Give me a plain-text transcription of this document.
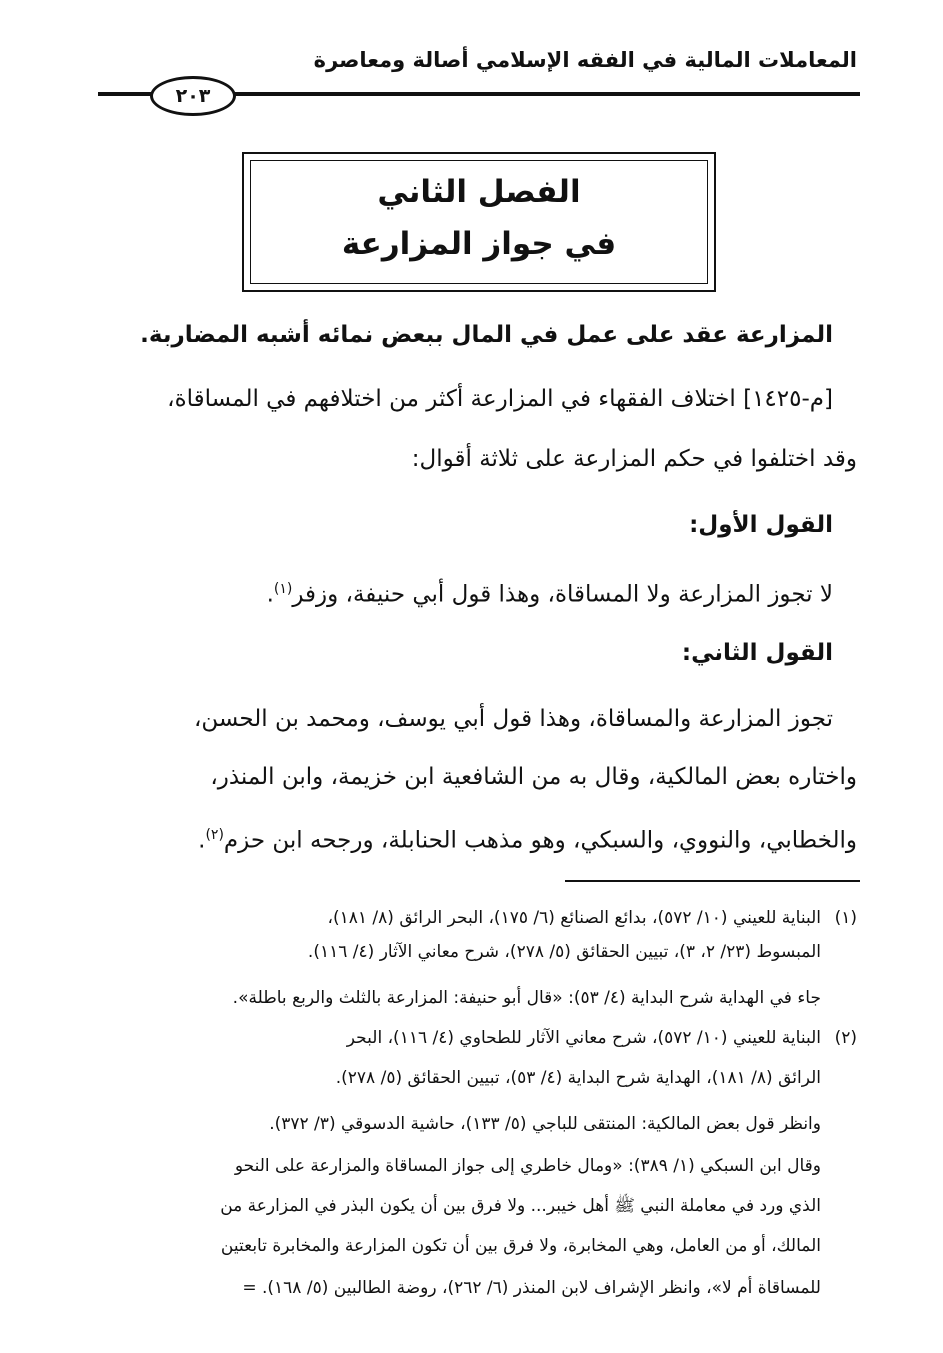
المعاملات المالية في الفقه الإسلامي أصالة ومعاصرة
٢٠٣
الفصل الثاني
في جواز المزارعة
المزارعة عقد على عمل في المال ببعض نمائه أشبه المضاربة.
[م-١٤٢٥] اختلاف الفقهاء في المزارعة أكثر من اختلافهم في المساقاة،
وقد اختلفوا في حكم المزارعة على ثلاثة أقوال:
القول الأول:
لا تجوز المزارعة ولا المساقاة، وهذا قول أبي حنيفة، وزفر$^{(١)}$.
القول الثاني:
تجوز المزارعة والمساقاة، وهذا قول أبي يوسف، ومحمد بن الحسن،
واختاره بعض المالكية، وقال به من الشافعية ابن خزيمة، وابن المنذر،
والخطابي، والنووي، والسبكي، وهو مذهب الحنابلة، ورجحه ابن حزم$^{(٢)}$.
(١)
البناية للعيني (١٠/ ٥٧٢)، بدائع الصنائع (٦/ ١٧٥)، البحر الرائق (٨/ ١٨١)،
المبسوط (٢٣/ ٢، ٣)، تبيين الحقائق (٥/ ٢٧٨)، شرح معاني الآثار (٤/ ١١٦).
جاء في الهداية شرح البداية (٤/ ٥٣): «قال أبو حنيفة: المزارعة بالثلث والربع باطلة».
(٢)
البناية للعيني (١٠/ ٥٧٢)، شرح معاني الآثار للطحاوي (٤/ ١١٦)، البحر
الرائق (٨/ ١٨١)، الهداية شرح البداية (٤/ ٥٣)، تبيين الحقائق (٥/ ٢٧٨).
وانظر قول بعض المالكية: المنتقى للباجي (٥/ ١٣٣)، حاشية الدسوقي (٣/ ٣٧٢).
وقال ابن السبكي (١/ ٣٨٩): «ومال خاطري إلى جواز المساقاة والمزارعة على النحو
الذي ورد في معاملة النبي ﷺ أهل خيبر... ولا فرق بين أن يكون البذر في المزارعة من
المالك، أو من العامل، وهي المخابرة، ولا فرق بين أن تكون المزارعة والمخابرة تابعتين
للمساقاة أم لا»، وانظر الإشراف لابن المنذر (٦/ ٢٦٢)، روضة الطالبين (٥/ ١٦٨). =
